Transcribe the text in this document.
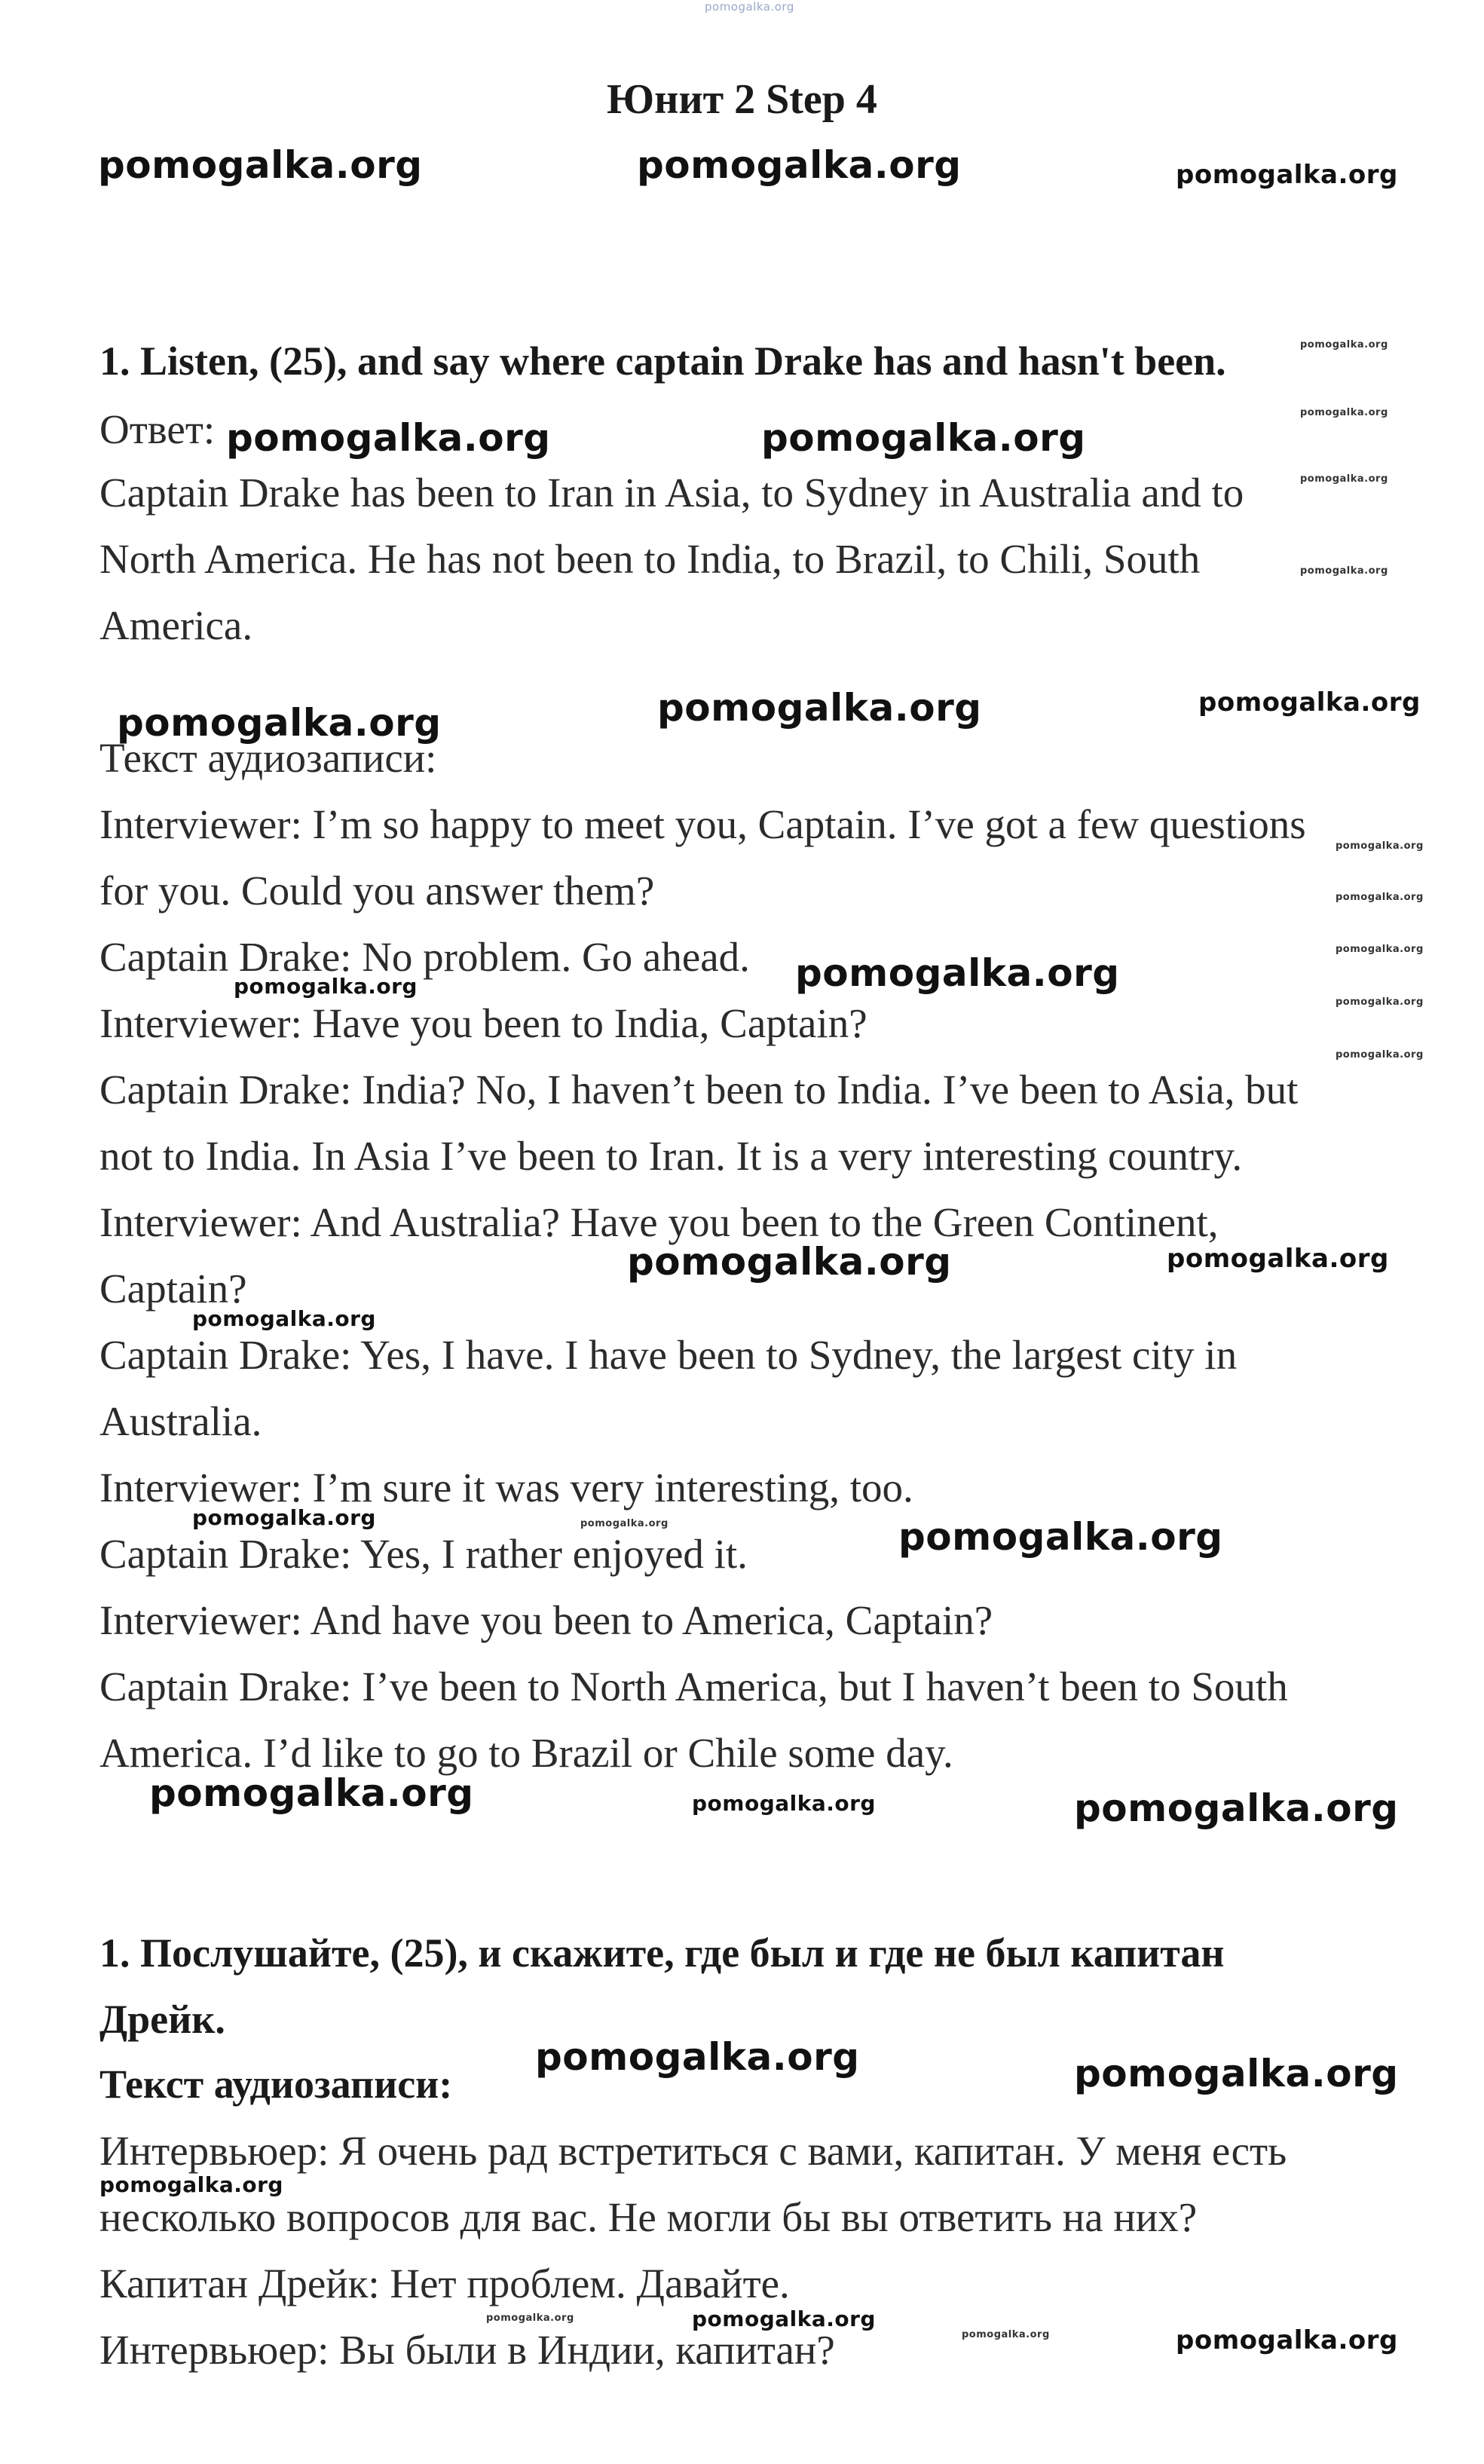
pomogalka.org
Юнит 2 Step 4
pomogalka.org	pomogalka.org	pomogalka.org
1. Listen, (25), and say where captain Drake has and hasn't been.
Ответ: pomogalka.org	pomogalka.org
Captain Drake has been to Iran in Asia, to Sydney in Australia and to
North America. He has not been to India, to Brazil, to Chili, South
America.
pomogalka.org
pomogalka.org
pomogalka.org
pomogalka.org
pomogalka.org	pomogalka.org	pomogalka.org
Текст аудиозаписи:
Interviewer: I’m so happy to meet you, Captain. I’ve got a few questions
for you. Could you answer them?
Captain Drake: No problem. Go ahead.
Interviewer: Have you been to India, Captain?
Captain Drake: India? No, I haven’t been to India. I’ve been to Asia, but
not to India. In Asia I’ve been to Iran. It is a very interesting country.
Interviewer: And Australia? Have you been to the Green Continent,
Captain?
Captain Drake: Yes, I have. I have been to Sydney, the largest city in
Australia.
Interviewer: I’m sure it was very interesting, too.
Captain Drake: Yes, I rather enjoyed it.
Interviewer: And have you been to America, Captain?
Captain Drake: I’ve been to North America, but I haven’t been to South
America. I’d like to go to Brazil or Chile some day.
pomogalka.org
pomogalka.org
pomogalka.org
pomogalka.org
pomogalka.org
pomogalka.org	pomogalka.org
pomogalka.org	pomogalka.org
pomogalka.org
pomogalka.org	pomogalka.org	pomogalka.org
pomogalka.org	pomogalka.org	pomogalka.org
1. Послушайте, (25), и скажите, где был и где не был капитан
Дрейк.
Текст аудиозаписи:
pomogalka.org	pomogalka.org
Интервьюер: Я очень рад встретиться с вами, капитан. У меня есть
несколько вопросов для вас. Не могли бы вы ответить на них?
Капитан Дрейк: Нет проблем. Давайте.
Интервьюер: Вы были в Индии, капитан?
pomogalka.org
pomogalka.org	pomogalka.org
pomogalka.org	pomogalka.org
